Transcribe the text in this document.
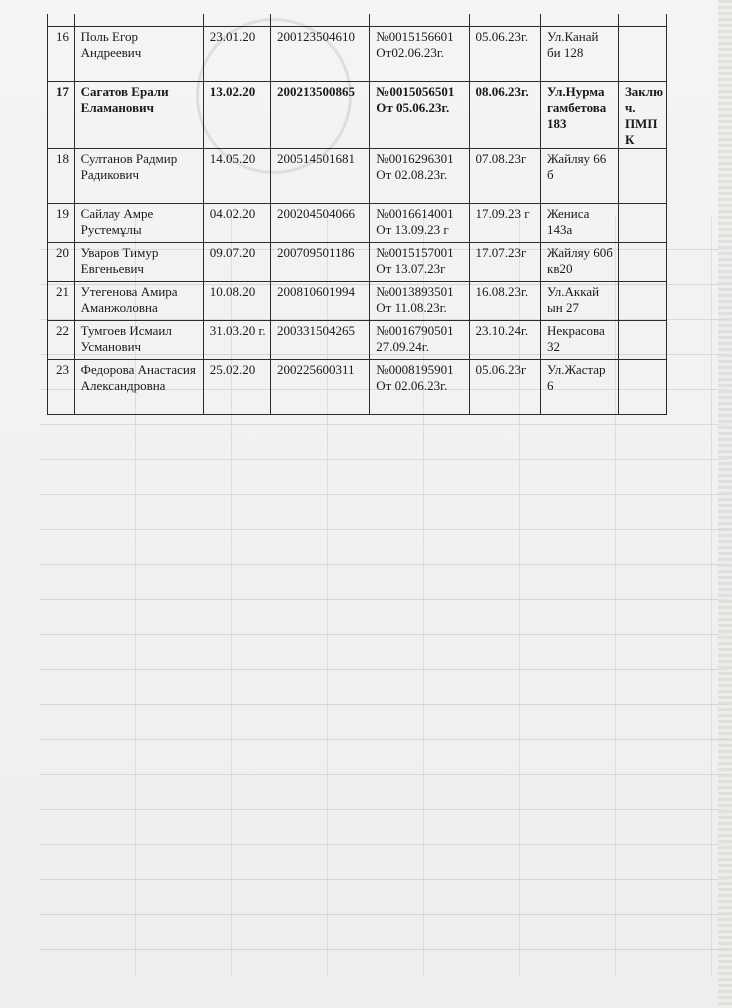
16	Поль Егор Андреевич	23.01.20	200123504610	№0015156601 От02.06.23г.	05.06.23г.	Ул.Канай би 128	
17	Сагатов Ерали Еламанович	13.02.20	200213500865	№0015056501 От 05.06.23г.	08.06.23г.	Ул.Нурма гамбетова 183	Заключ. ПМПК
18	Султанов Радмир Радикович	14.05.20	200514501681	№0016296301 От 02.08.23г.	07.08.23г	Жайляу 66 б	
19	Сайлау Амре Рустемұлы	04.02.20	200204504066	№0016614001 От 13.09.23 г	17.09.23 г	Жениса 143а	
20	Уваров Тимур Евгеньевич	09.07.20	200709501186	№0015157001 От 13.07.23г	17.07.23г	Жайляу 60б кв20	
21	Утегенова Амира Аманжоловна	10.08.20	200810601994	№0013893501 От 11.08.23г.	16.08.23г.	Ул.Аккай ын 27	
22	Тумгоев Исмаил Усманович	31.03.20 г.	200331504265	№0016790501 27.09.24г.	23.10.24г.	Некрасова 32	
23	Федорова Анастасия Александровна	25.02.20	200225600311	№0008195901 От 02.06.23г.	05.06.23г	Ул.Жастар 6	
